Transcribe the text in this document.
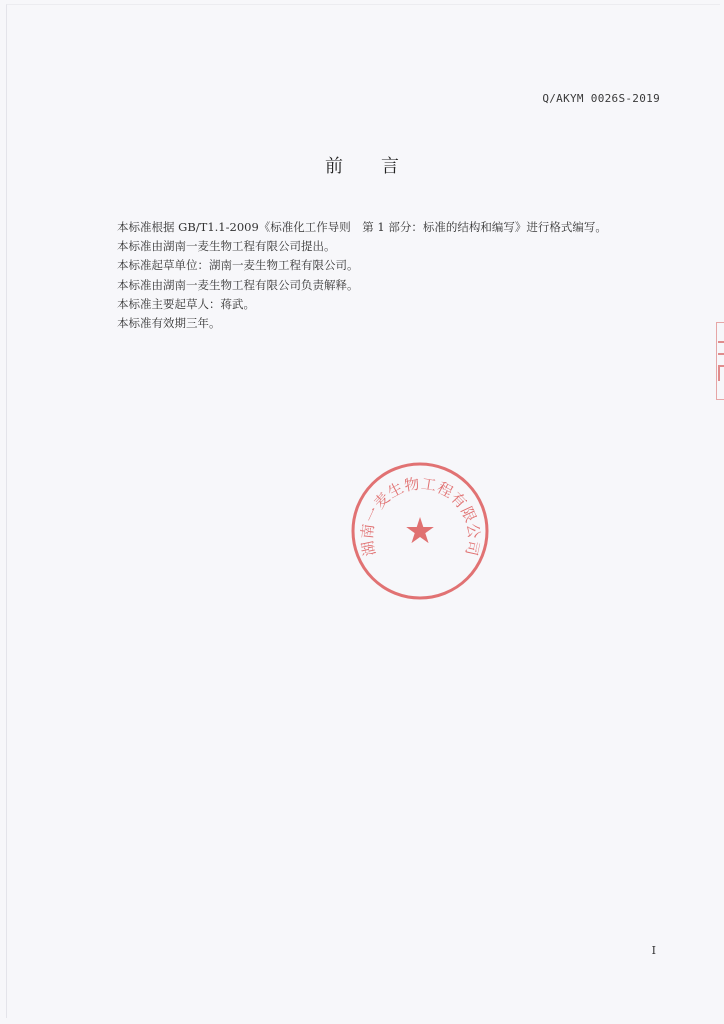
Q/AKYM 0026S-2019
前 言

本标准根据 GB/T1.1-2009《标准化工作导则　第 1 部分：标准的结构和编写》进行格式编写。

本标准由湖南一麦生物工程有限公司提出。

本标准起草单位：湖南一麦生物工程有限公司。

本标准由湖南一麦生物工程有限公司负责解释。

本标准主要起草人：蒋武。

本标准有效期三年。

湖南一麦生物工程有限公司
★
I
